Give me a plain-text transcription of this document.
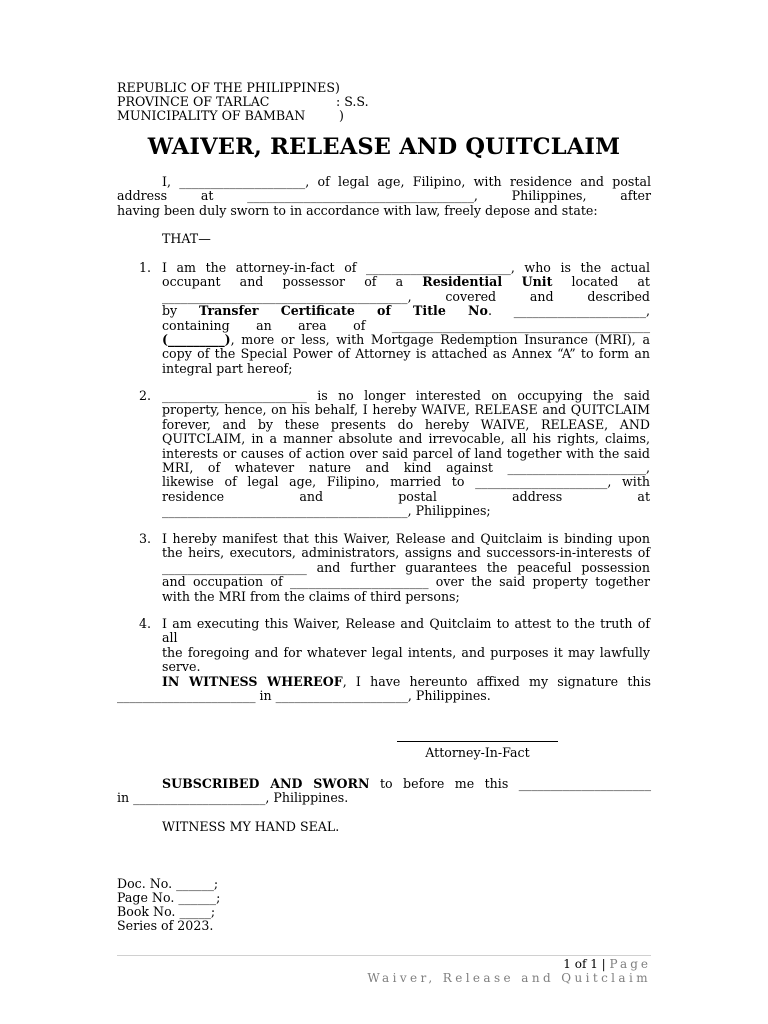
REPUBLIC OF THE PHILIPPINES)
PROVINCE OF TARLAC	: S.S.
MUNICIPALITY OF BAMBAN	)
WAIVER, RELEASE AND QUITCLAIM
I, ____________________, of legal age, Filipino, with residence and postal
address at ____________________________________, Philippines, after
having been duly sworn to in accordance with law, freely depose and state:
THAT—
1. I am the attorney-in-fact of _______________________, who is the actual
occupant and possessor of a Residential Unit located at
_______________________________________, covered and described
by Transfer Certificate of Title No. _____________________,
containing an area of _________________________________________
(_________), more or less, with Mortgage Redemption Insurance (MRI), a
copy of the Special Power of Attorney is attached as Annex “A” to form an
integral part hereof;
2. _______________________ is no longer interested on occupying the said
property, hence, on his behalf, I hereby WAIVE, RELEASE and QUITCLAIM
forever, and by these presents do hereby WAIVE, RELEASE, AND
QUITCLAIM, in a manner absolute and irrevocable, all his rights, claims,
interests or causes of action over said parcel of land together with the said
MRI, of whatever nature and kind against ______________________,
likewise of legal age, Filipino, married to _____________________, with
residence and postal address at
_______________________________________, Philippines;
3. I hereby manifest that this Waiver, Release and Quitclaim is binding upon
the heirs, executors, administrators, assigns and successors-in-interests of
_______________________ and further guarantees the peaceful possession
and occupation of ______________________ over the said property together
with the MRI from the claims of third persons;
4. I am executing this Waiver, Release and Quitclaim to attest to the truth of all
the foregoing and for whatever legal intents, and purposes it may lawfully
serve.
IN WITNESS WHEREOF, I have hereunto affixed my signature this
______________________ in _____________________, Philippines.
Attorney-In-Fact
SUBSCRIBED AND SWORN to before me this _____________________
in _____________________, Philippines.
WITNESS MY HAND SEAL.
Doc. No. ______;
Page No. ______;
Book No. _____;
Series of 2023.
1 of 1 | Page
Waiver, Release and Quitclaim
